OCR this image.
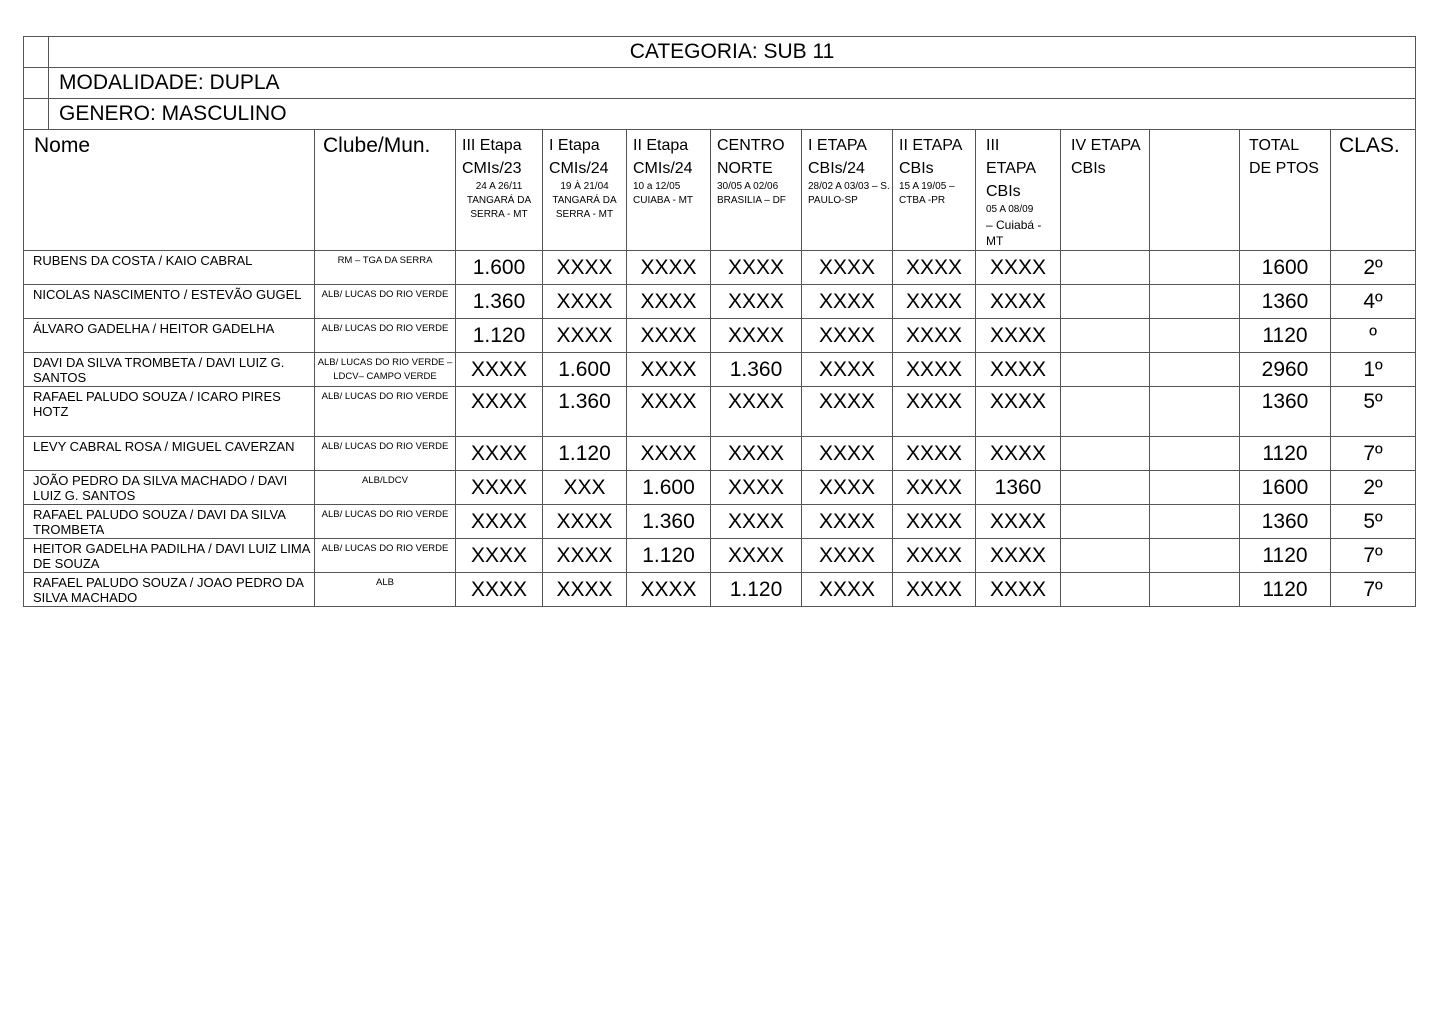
	CATEGORIA: SUB 11												
	MODALIDADE: DUPLA												
	GENERO: MASCULINO												

Nome		Clube/Mun.	III Etapa
CMIs/23
24 A 26/11 TANGARÁ DA SERRA - MT	I Etapa
CMIs/24
19 À 21/04 TANGARÁ DA SERRA - MT	II Etapa
CMIs/24
10 a 12/05 CUIABA - MT	CENTRO
NORTE
30/05 A 02/06 BRASILIA – DF	I ETAPA
CBIs/24
28/02 A 03/03 – S. PAULO-SP	II ETAPA
CBIs
15 A 19/05 – CTBA -PR	III
ETAPA
CBIs
05 A 08/09
– Cuiabá - MT	IV ETAPA
CBIs		TOTAL
DE PTOS	CLAS.

RUBENS DA COSTA / KAIO CABRAL		RM – TGA DA SERRA	1.600	XXXX	XXXX	XXXX	XXXX	XXXX	XXXX			1600	2º
NICOLAS NASCIMENTO / ESTEVÃO GUGEL		ALB/ LUCAS DO RIO VERDE	1.360	XXXX	XXXX	XXXX	XXXX	XXXX	XXXX			1360	4º
ÁLVARO GADELHA / HEITOR GADELHA		ALB/ LUCAS DO RIO VERDE	1.120	XXXX	XXXX	XXXX	XXXX	XXXX	XXXX			1120	º
DAVI DA SILVA TROMBETA / DAVI LUIZ G. SANTOS		ALB/ LUCAS DO RIO VERDE – LDCV– CAMPO VERDE	XXXX	1.600	XXXX	1.360	XXXX	XXXX	XXXX			2960	1º
RAFAEL PALUDO SOUZA / ICARO PIRES HOTZ		ALB/ LUCAS DO RIO VERDE	XXXX	1.360	XXXX	XXXX	XXXX	XXXX	XXXX			1360	5º
LEVY CABRAL ROSA / MIGUEL CAVERZAN		ALB/ LUCAS DO RIO VERDE	XXXX	1.120	XXXX	XXXX	XXXX	XXXX	XXXX			1120	7º
JOÃO PEDRO DA SILVA MACHADO / DAVI LUIZ G. SANTOS		ALB/LDCV	XXXX	XXX	1.600	XXXX	XXXX	XXXX	1360			1600	2º
RAFAEL PALUDO SOUZA / DAVI DA SILVA TROMBETA		ALB/ LUCAS DO RIO VERDE	XXXX	XXXX	1.360	XXXX	XXXX	XXXX	XXXX			1360	5º
HEITOR GADELHA PADILHA / DAVI LUIZ LIMA DE SOUZA		ALB/ LUCAS DO RIO VERDE	XXXX	XXXX	1.120	XXXX	XXXX	XXXX	XXXX			1120	7º
RAFAEL PALUDO SOUZA / JOAO PEDRO DA SILVA MACHADO		ALB	XXXX	XXXX	XXXX	1.120	XXXX	XXXX	XXXX			1120	7º
